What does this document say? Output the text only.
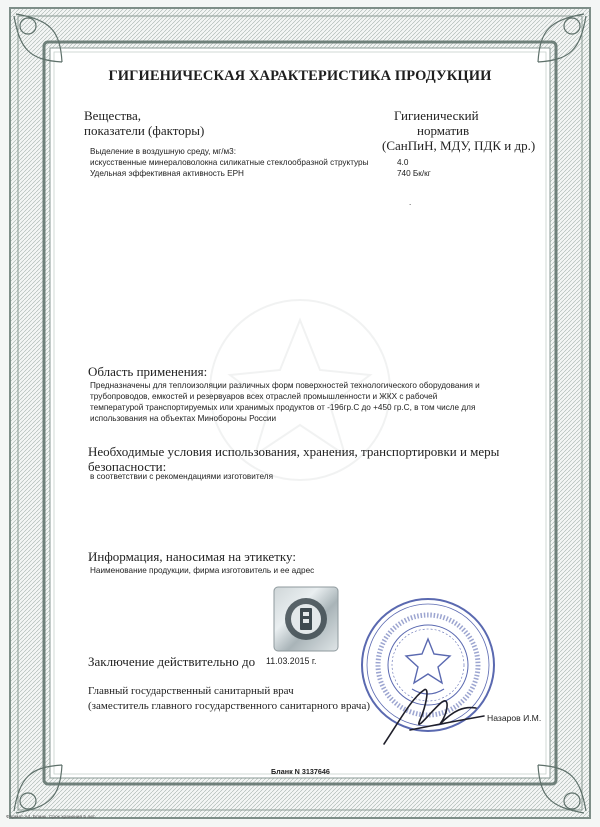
ГИГИЕНИЧЕСКАЯ ХАРАКТЕРИСТИКА ПРОДУКЦИИ
Вещества,
показатели (факторы)
Гигиенический
норматив
(СанПиН, МДУ, ПДК и др.)
Выделение в воздушную среду, мг/м3:
искусственные минераловолокна силикатные стеклообразной структуры	4.0
Удельная эффективная активность ЕРН	740 Бк/кг
.
Область применения:
Предназначены для теплоизоляции различных форм поверхностей технологического оборудования и
трубопроводов, емкостей и резервуаров всех отраслей промышленности и ЖКХ с рабочей
температурой транспортируемых или хранимых продуктов от -196гр.С до +450 гр.С, в том числе для
использования на объектах Минобороны России
Необходимые условия использования, хранения, транспортировки и меры
безопасности:
в соответствии с рекомендациями изготовителя
Информация, наносимая на этикетку:
Наименование продукции, фирма изготовитель и ее адрес
Заключение действительно до 11.03.2015 г.
Главный государственный санитарный врач
(заместитель главного государственного санитарного врача)
Назаров И.М.
Бланк N 3137646
Формат А4. Бланк. Срок хранения 5 лет.
